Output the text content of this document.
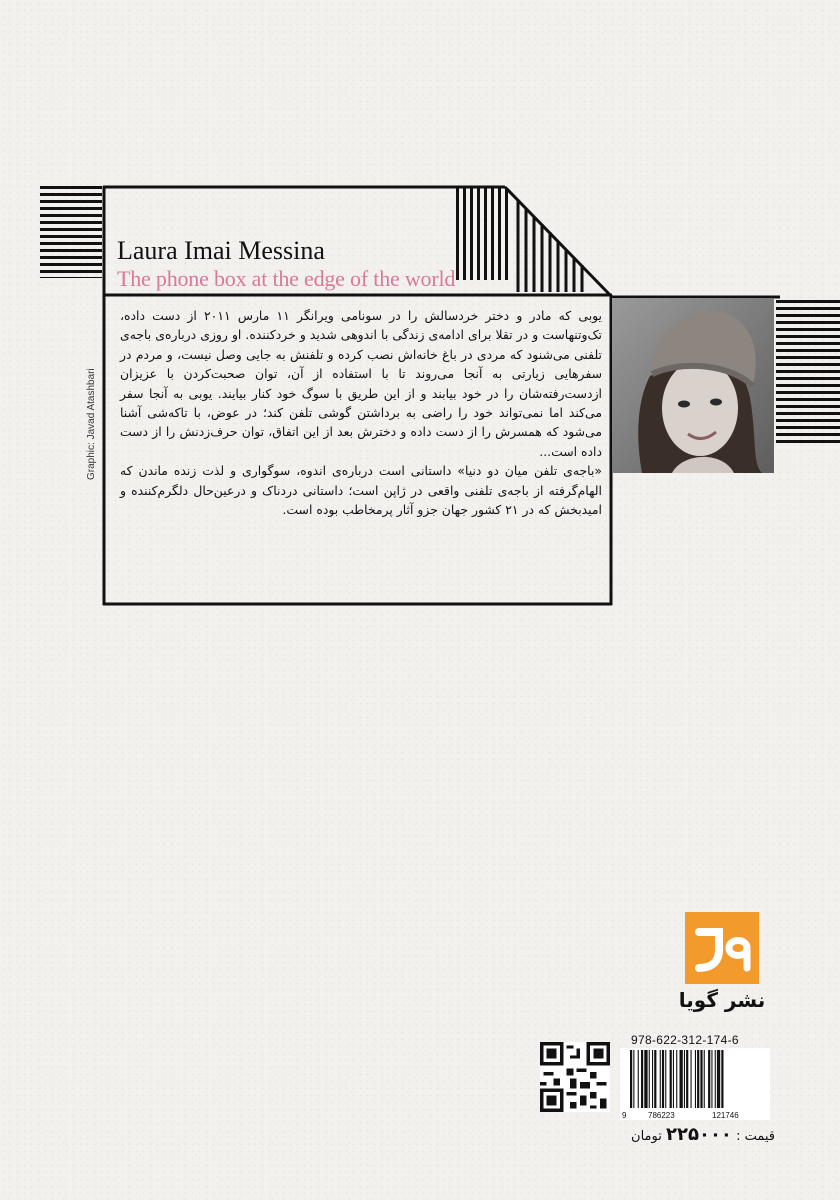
Laura Imai Messina
The phone box at the edge of the world
Graphic: Javad Atashbari

یوبی که مادر و دختر خردسالش را در سونامی ویرانگر ۱۱ مارس ۲۰۱۱ از دست داده، تک‌وتنهاست و در تقلا برای ادامه‌ی زندگی با اندوهی شدید و خردکننده. او روزی درباره‌ی باجه‌ی تلفنی می‌شنود که مردی در باغ خانه‌اش نصب کرده و تلفنش به جایی وصل نیست، و مردم در سفرهایی زیارتی به آنجا می‌روند تا با استفاده از آن، توان صحبت‌کردن با عزیزان ازدست‌رفته‌شان را در خود بیابند و از این طریق با سوگ خود کنار بیایند. یوبی به آنجا سفر می‌کند اما نمی‌تواند خود را راضی به برداشتن گوشی تلفن کند؛ در عوض، با تاکه‌شی آشنا می‌شود که همسرش را از دست داده و دخترش بعد از این اتفاق، توان حرف‌زدنش را از دست داده است...

«باجه‌ی تلفن میان دو دنیا» داستانی است درباره‌ی اندوه، سوگواری و لذت زنده ماندن که الهام‌گرفته از باجه‌ی تلفنی واقعی در ژاپن است؛ داستانی دردناک و درعین‌حال دلگرم‌کننده و امیدبخش که در ۲۱ کشور جهان جزو آثار پرمخاطب بوده است.

نشر گویا
978-622-312-174-6
9	786223	121746
قیمت : ۲۲۵۰۰۰ تومان
